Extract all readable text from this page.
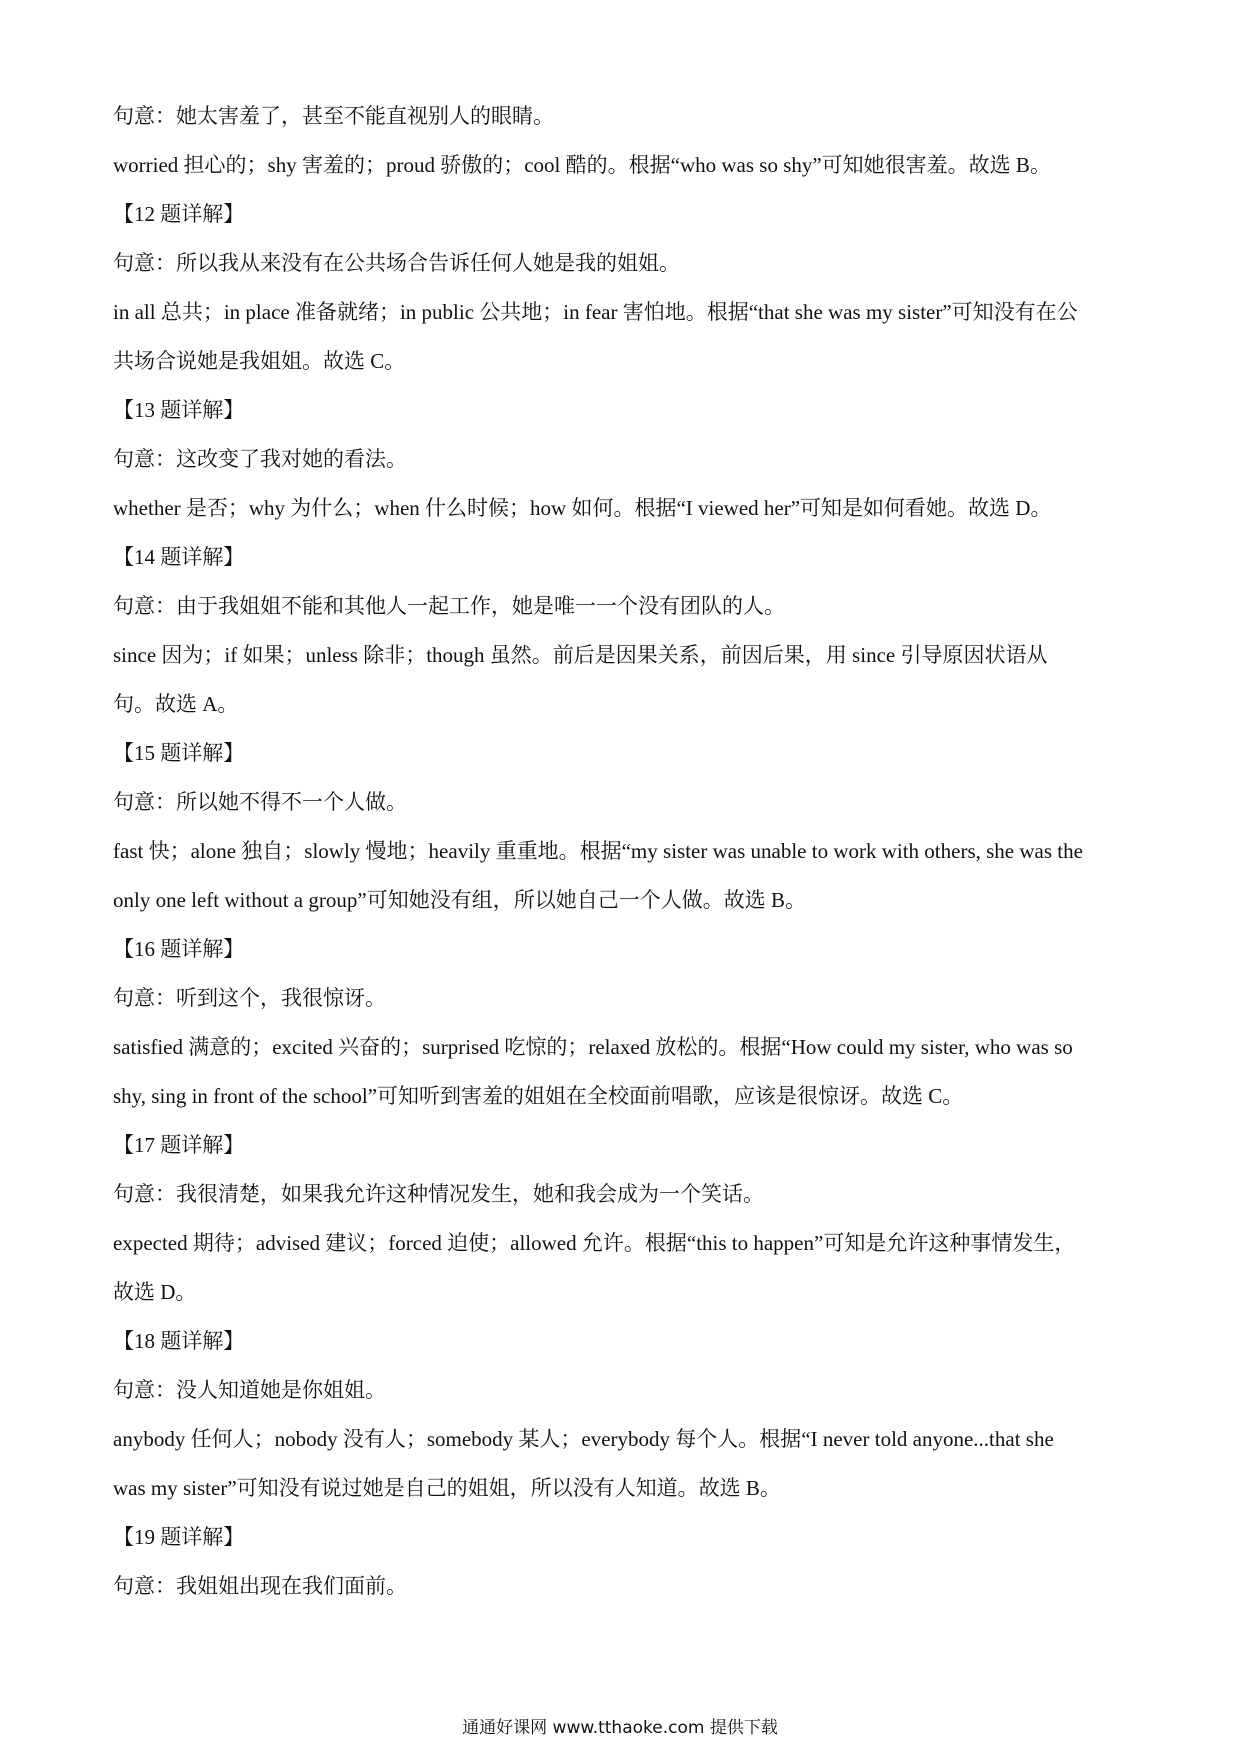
句意：她太害羞了，甚至不能直视别人的眼睛。
worried 担心的；shy 害羞的；proud 骄傲的；cool 酷的。根据“who was so shy”可知她很害羞。故选 B。
【12 题详解】
句意：所以我从来没有在公共场合告诉任何人她是我的姐姐。
in all 总共；in place 准备就绪；in public 公共地；in fear 害怕地。根据“that she was my sister”可知没有在公
共场合说她是我姐姐。故选 C。
【13 题详解】
句意：这改变了我对她的看法。
whether 是否；why 为什么；when 什么时候；how 如何。根据“I viewed her”可知是如何看她。故选 D。
【14 题详解】
句意：由于我姐姐不能和其他人一起工作，她是唯一一个没有团队的人。
since 因为；if 如果；unless 除非；though 虽然。前后是因果关系，前因后果，用 since 引导原因状语从
句。故选 A。
【15 题详解】
句意：所以她不得不一个人做。
fast 快；alone 独自；slowly 慢地；heavily 重重地。根据“my sister was unable to work with others, she was the
only one left without a group”可知她没有组，所以她自己一个人做。故选 B。
【16 题详解】
句意：听到这个，我很惊讶。
satisfied 满意的；excited 兴奋的；surprised 吃惊的；relaxed 放松的。根据“How could my sister, who was so
shy, sing in front of the school”可知听到害羞的姐姐在全校面前唱歌，应该是很惊讶。故选 C。
【17 题详解】
句意：我很清楚，如果我允许这种情况发生，她和我会成为一个笑话。
expected 期待；advised 建议；forced 迫使；allowed 允许。根据“this to happen”可知是允许这种事情发生，
故选 D。
【18 题详解】
句意：没人知道她是你姐姐。
anybody 任何人；nobody 没有人；somebody 某人；everybody 每个人。根据“I never told anyone...that she
was my sister”可知没有说过她是自己的姐姐，所以没有人知道。故选 B。
【19 题详解】
句意：我姐姐出现在我们面前。
通通好课网 www.tthaoke.com 提供下载
